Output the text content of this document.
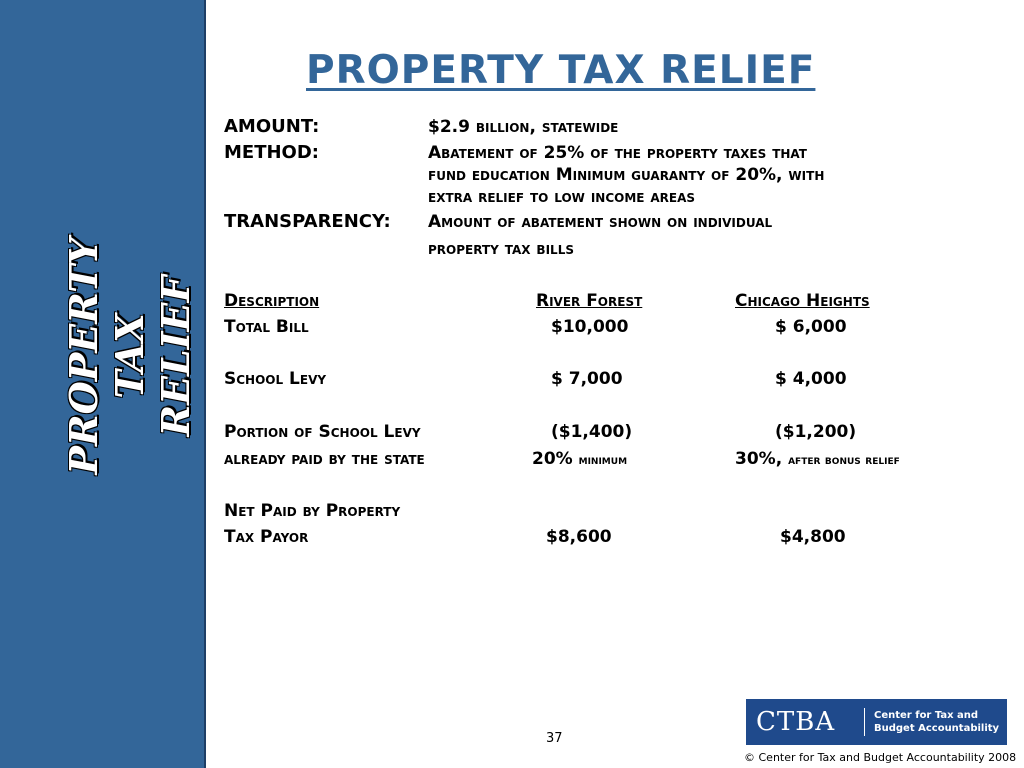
PROPERTY TAX RELIEF
PROPERTY TAX RELIEF
AMOUNT:	$2.9 billion, statewide
METHOD:	Abatement of 25% of the property taxes that
fund education Minimum guaranty of 20%, with
extra relief to low income areas
TRANSPARENCY: Amount of abatement shown on individual
property tax bills
Description	River Forest	Chicago Heights
Total Bill	$10,000	$ 6,000
School Levy	$ 7,000	$ 4,000
Portion of School Levy	($1,400)	($1,200)
already paid by the state	20% minimum	30%, after bonus relief
Net Paid by Property
Tax Payor	$8,600	$4,800
37
CTBA	Center for Tax and
Budget Accountability
© Center for Tax and Budget Accountability 2008
